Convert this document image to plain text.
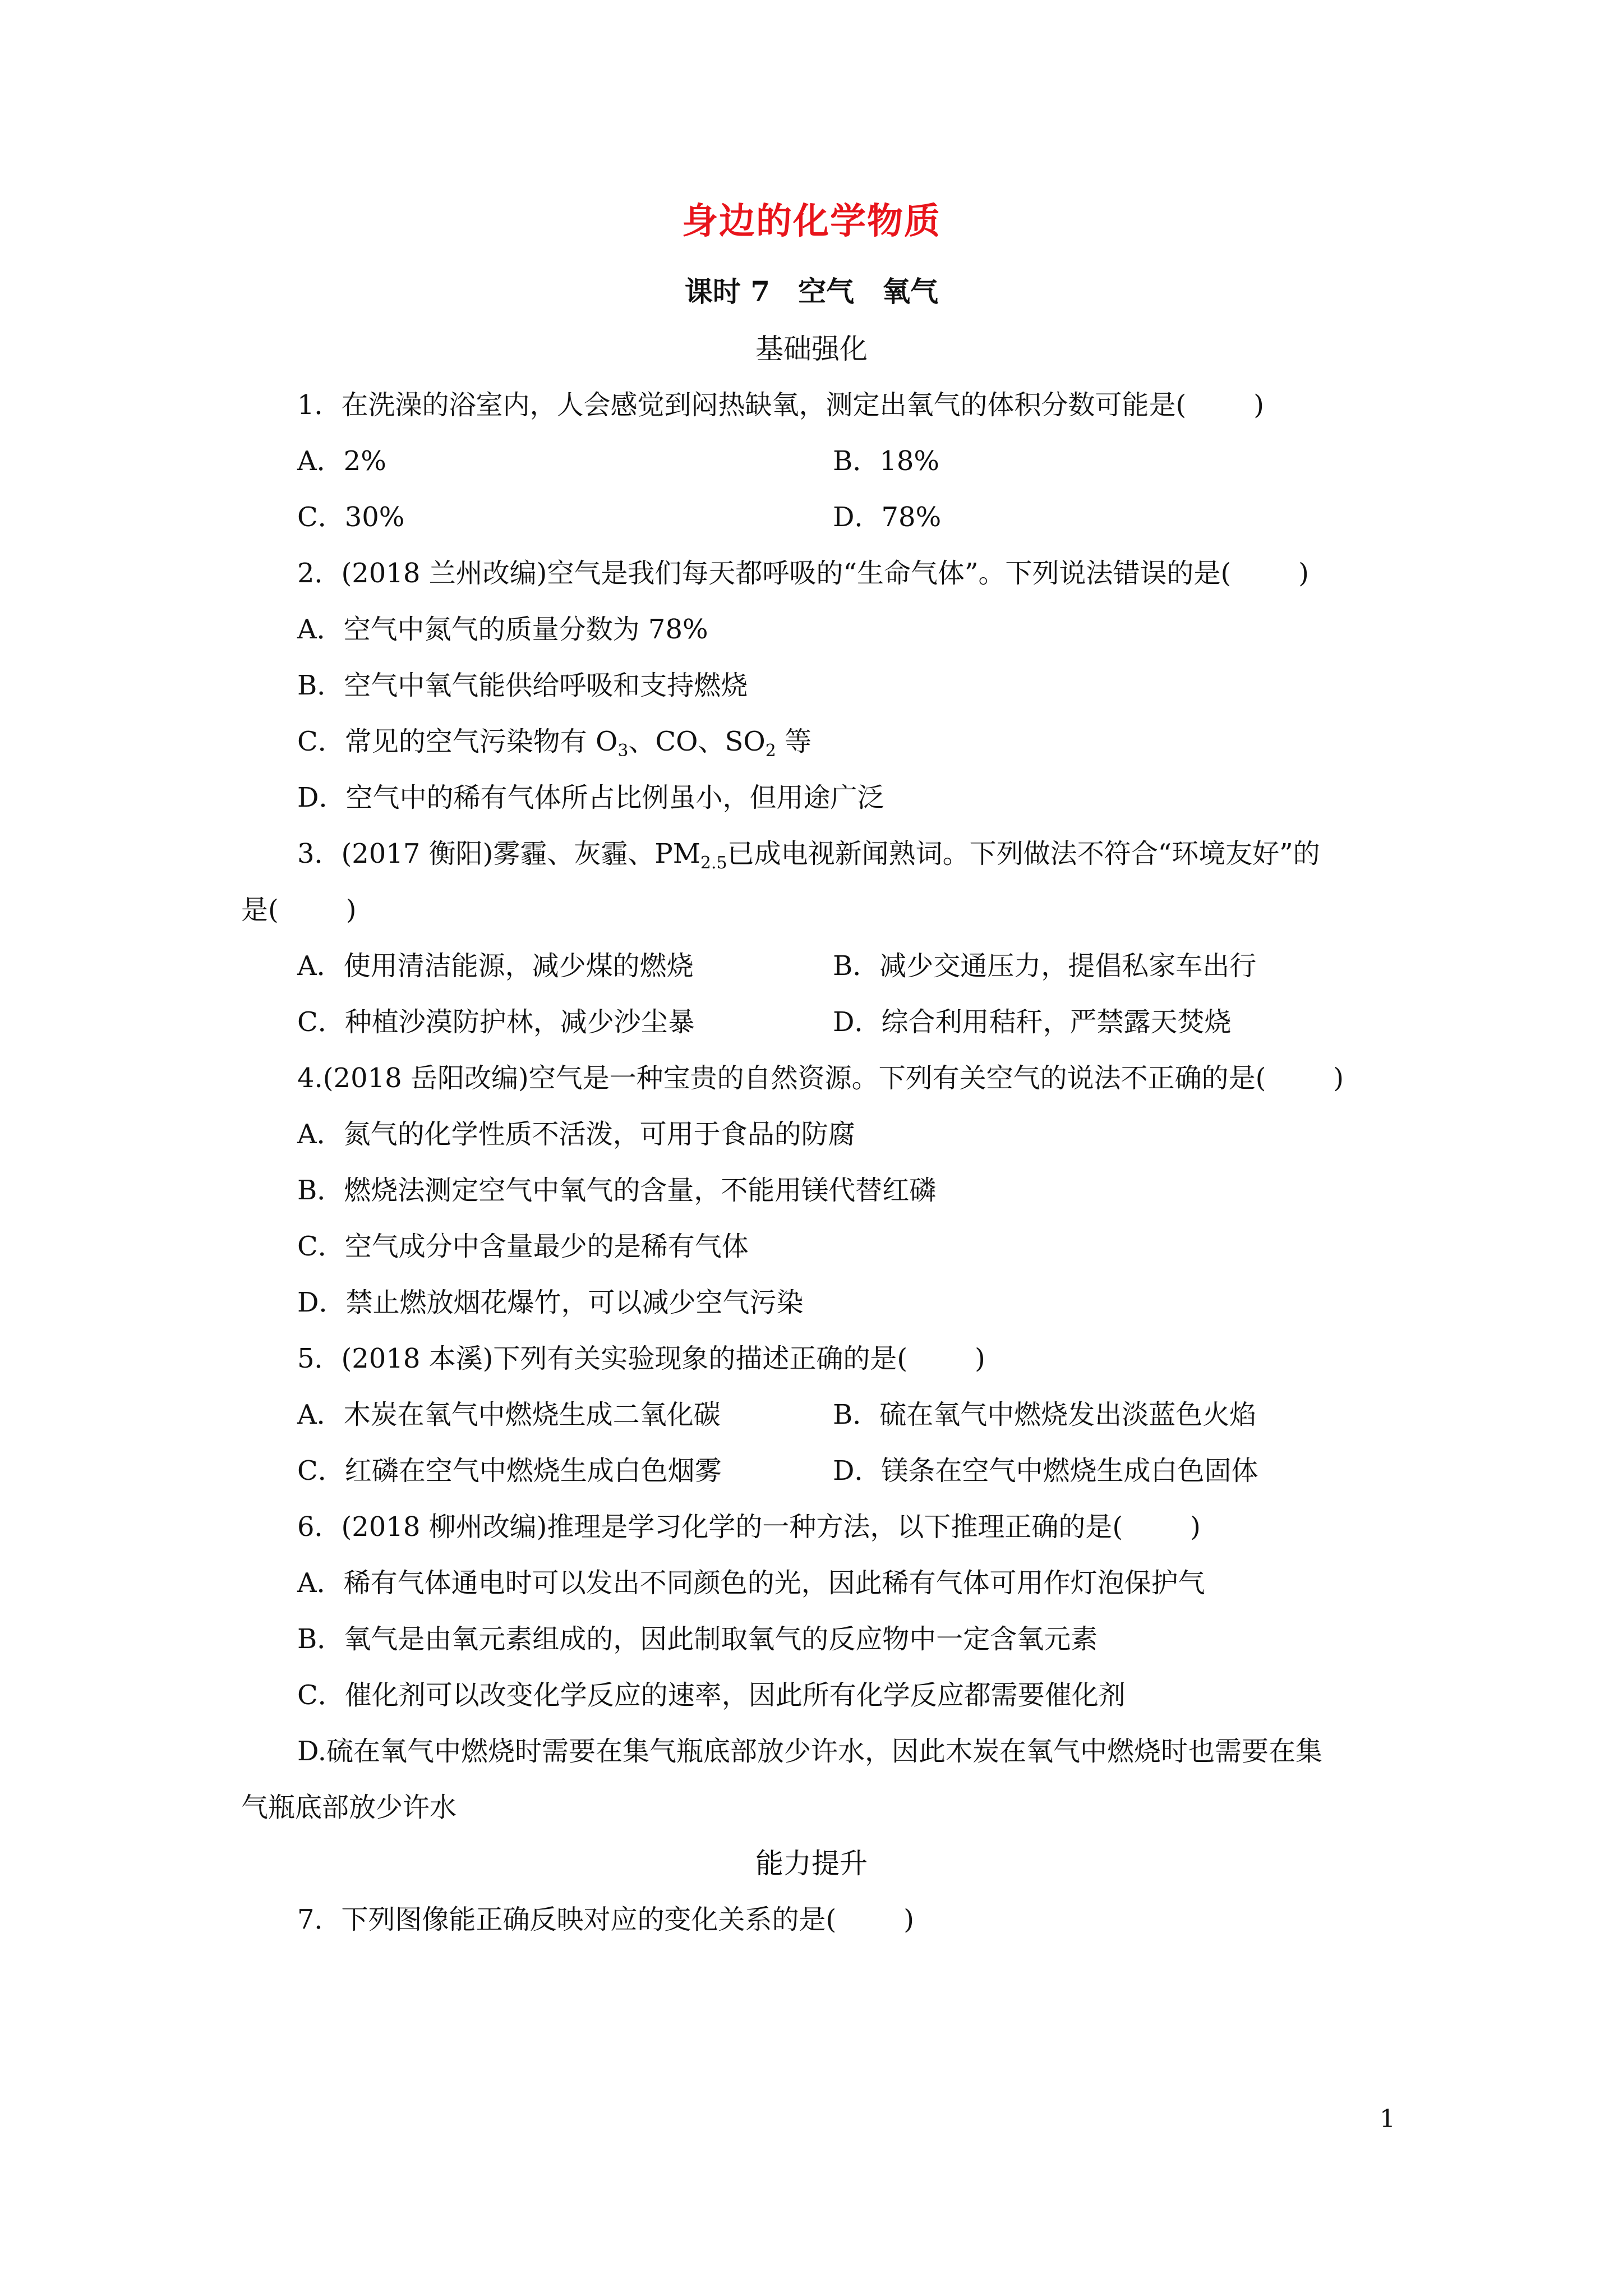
身边的化学物质
课时 7　空气　氧气
基础强化
1．在洗澡的浴室内，人会感觉到闷热缺氧，测定出氧气的体积分数可能是(	)
A．2%	B．18%
C．30%	D．78%
2．(2018 兰州改编)空气是我们每天都呼吸的“生命气体”。下列说法错误的是(	)
A．空气中氮气的质量分数为 78%
B．空气中氧气能供给呼吸和支持燃烧
C．常见的空气污染物有 $O_3$、CO、$SO_2$ 等
D．空气中的稀有气体所占比例虽小，但用途广泛
3．(2017 衡阳)雾霾、灰霾、$PM_{2.5}$已成电视新闻熟词。下列做法不符合“环境友好”的
是(	)
A．使用清洁能源，减少煤的燃烧	B．减少交通压力，提倡私家车出行
C．种植沙漠防护林，减少沙尘暴	D．综合利用秸秆，严禁露天焚烧
4.(2018 岳阳改编)空气是一种宝贵的自然资源。下列有关空气的说法不正确的是(	)
A．氮气的化学性质不活泼，可用于食品的防腐
B．燃烧法测定空气中氧气的含量，不能用镁代替红磷
C．空气成分中含量最少的是稀有气体
D．禁止燃放烟花爆竹，可以减少空气污染
5．(2018 本溪)下列有关实验现象的描述正确的是(	)
A．木炭在氧气中燃烧生成二氧化碳	B．硫在氧气中燃烧发出淡蓝色火焰
C．红磷在空气中燃烧生成白色烟雾	D．镁条在空气中燃烧生成白色固体
6．(2018 柳州改编)推理是学习化学的一种方法，以下推理正确的是(	)
A．稀有气体通电时可以发出不同颜色的光，因此稀有气体可用作灯泡保护气
B．氧气是由氧元素组成的，因此制取氧气的反应物中一定含氧元素
C．催化剂可以改变化学反应的速率，因此所有化学反应都需要催化剂
D.硫在氧气中燃烧时需要在集气瓶底部放少许水，因此木炭在氧气中燃烧时也需要在集
气瓶底部放少许水
能力提升
7．下列图像能正确反映对应的变化关系的是(	)
1
